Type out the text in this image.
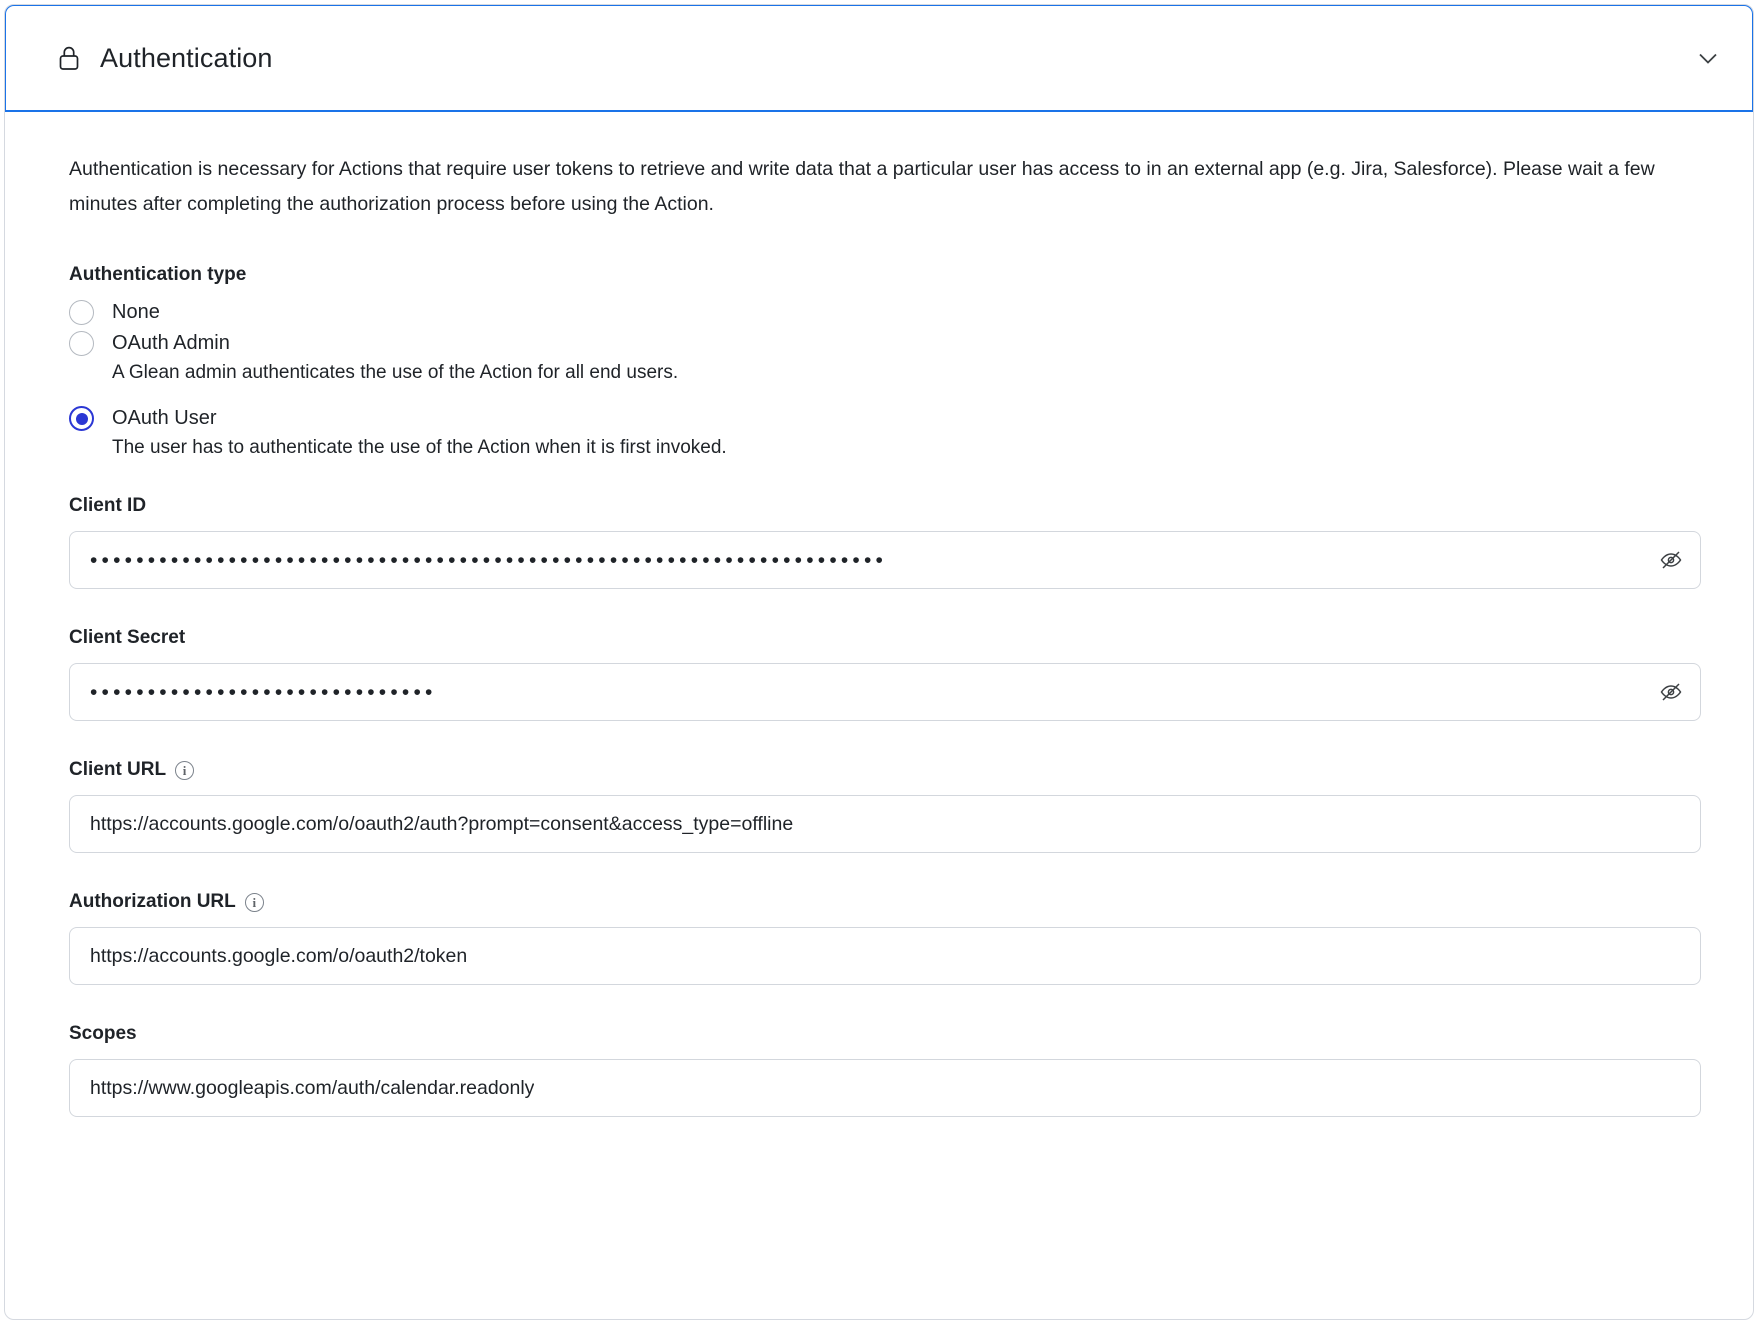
Authentication

Authentication is necessary for Actions that require user tokens to retrieve and write data that a particular user has access to in an external app (e.g. Jira, Salesforce). Please wait a few minutes after completing the authorization process before using the Action.

Authentication type
None
OAuth Admin
A Glean admin authenticates the use of the Action for all end users.
OAuth User
The user has to authenticate the use of the Action when it is first invoked.
Client ID
•••••••••••••••••••••••••••••••••••••••••••••••••••••••••••••••••••••
Client Secret
••••••••••••••••••••••••••••••
Client URL	i
https://accounts.google.com/o/oauth2/auth?prompt=consent&access_type=offline
Authorization URL	i
https://accounts.google.com/o/oauth2/token
Scopes
https://www.googleapis.com/auth/calendar.readonly
